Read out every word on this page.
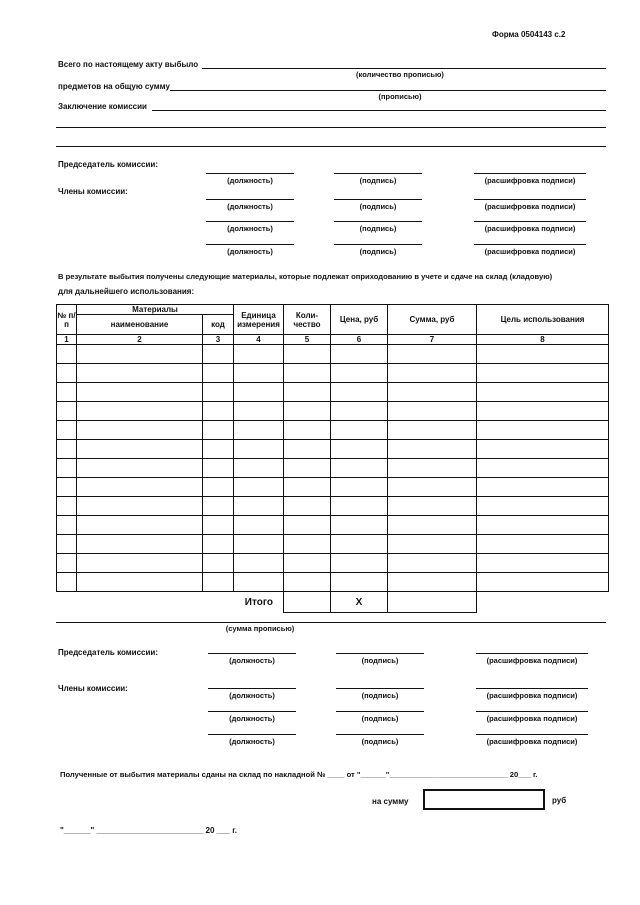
Форма 0504143 с.2
Всего по настоящему акту выбыло
(количество прописью)
предметов на общую сумму
(прописью)
Заключение комиссии
Председатель комиссии:
Члены комиссии:
(должность)	(подпись)	(расшифровка подписи)
(должность)	(подпись)	(расшифровка подписи)
(должность)	(подпись)	(расшифровка подписи)
(должность)	(подпись)	(расшифровка подписи)
В результате выбытия получены следующие материалы, которые подлежат оприходованию в учете и сдаче на склад (кладовую)
для дальнейшего использования:
№ п/п	Материалы		Единица измерения	Коли- чество	Цена, руб	Сумма, руб	Цель использования
	наименование	код					
1	2	3	4	5	6	7	8

Итого					X		
(сумма прописью)
Председатель комиссии:
Члены комиссии:
(должность)	(подпись)	(расшифровка подписи)
(должность)	(подпись)	(расшифровка подписи)
(должность)	(подпись)	(расшифровка подписи)
(должность)	(подпись)	(расшифровка подписи)
Полученные от выбытия материалы сданы на склад по накладной № ____ от "______"____________________________ 20___ г.
на сумму	руб
"______" ________________________ 20 ___ г.
